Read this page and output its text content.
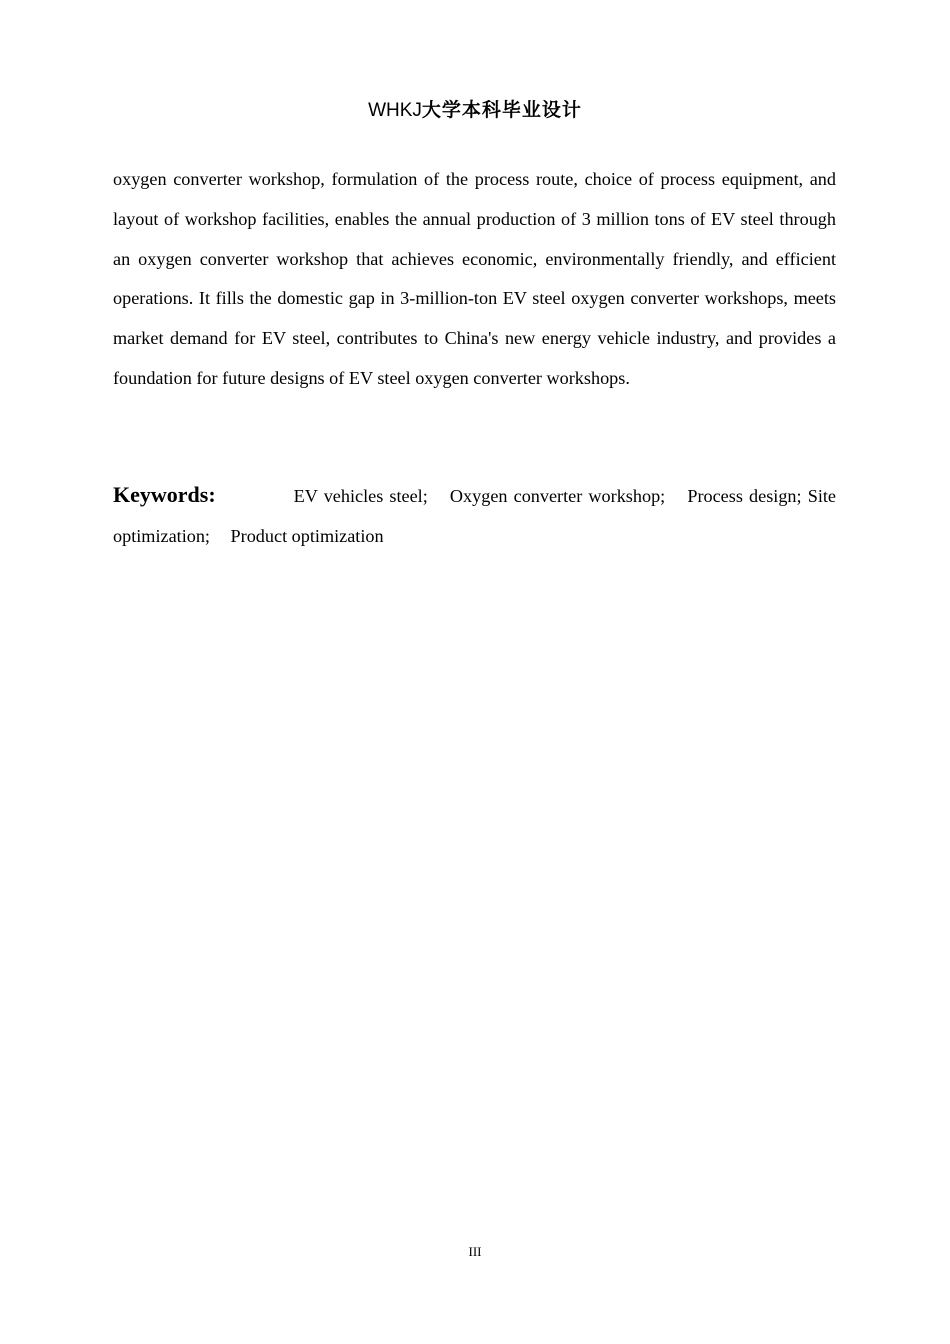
WHKJ大学本科毕业设计

oxygen converter workshop, formulation of the process route, choice of process equipment, and layout of workshop facilities, enables the annual production of 3 million tons of EV steel through an oxygen converter workshop that achieves economic, environmentally friendly, and efficient operations. It fills the domestic gap in 3-million-ton EV steel oxygen converter workshops, meets market demand for EV steel, contributes to China's new energy vehicle industry, and provides a foundation for future designs of EV steel oxygen converter workshops.

Keywords:	EV vehicles steel; Oxygen converter workshop; Process design; Site optimization; Product optimization

III
